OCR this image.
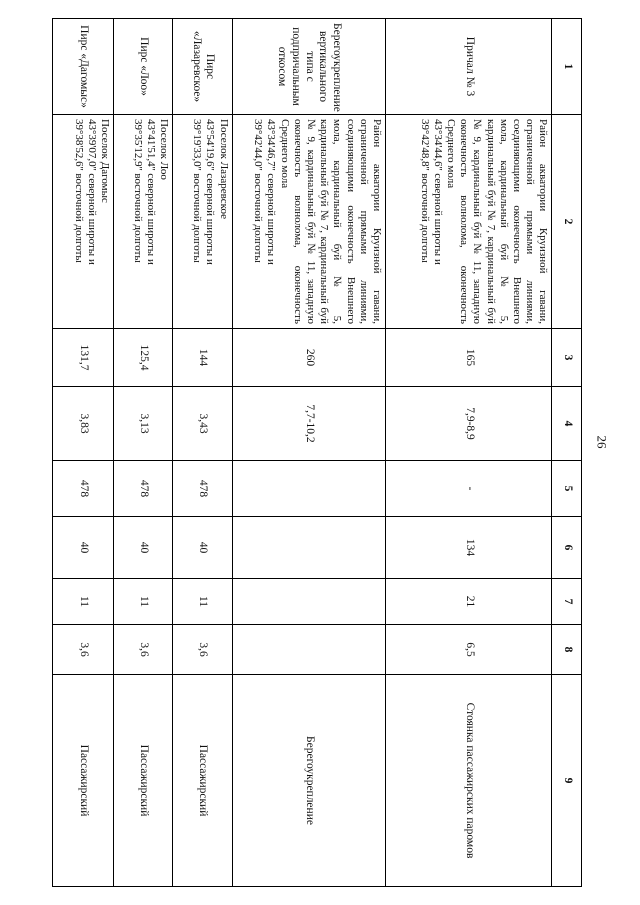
26
1	2	3	4	5	6	7	8	9
Причал № 3	Район акватории Круизной гавани, ограниченной прямыми линиями, соединяющими оконечность Внешнего мола, кардинальный буй № 5, кардинальный буй № 7, кардинальный буй № 9, кардинальный буй № 11, западную оконечность волнолома, оконечность Среднего мола
43°34'44,6'' северной широты и
39°42'48,8'' восточной долготы	165	7,9-8,9	-	134	21	6,5	Стоянка пассажирских паромов
Берегоукрепление вертикального типа с подпричальным откосом	Район акватории Круизной гавани, ограниченной прямыми линиями, соединяющими оконечность Внешнего мола, кардинальный буй № 5, кардинальный буй № 7, кардинальный буй № 9, кардинальный буй № 11, западную оконечность волнолома, оконечность Среднего мола
43°34'46,7'' северной широты и
39°42'44,0'' восточной долготы	260	7,7-10,2					Берегоукрепление
Пирс «Лазаревское»	Поселок Лазаревское
43°54'19,6'' северной широты и
39°19'33,0'' восточной долготы	144	3,43	478	40	11	3,6	Пассажирский
Пирс «Лоо»	Поселок Лоо
43°41'51,4'' северной широты и
39°35'12,9'' восточной долготы	125,4	3,13	478	40	11	3,6	Пассажирский
Пирс «Дагомыс»	Поселок Дагомыс
43°39'07,0'' северной широты и
39°38'52,6'' восточной долготы	131,7	3,83	478	40	11	3,6	Пассажирский
